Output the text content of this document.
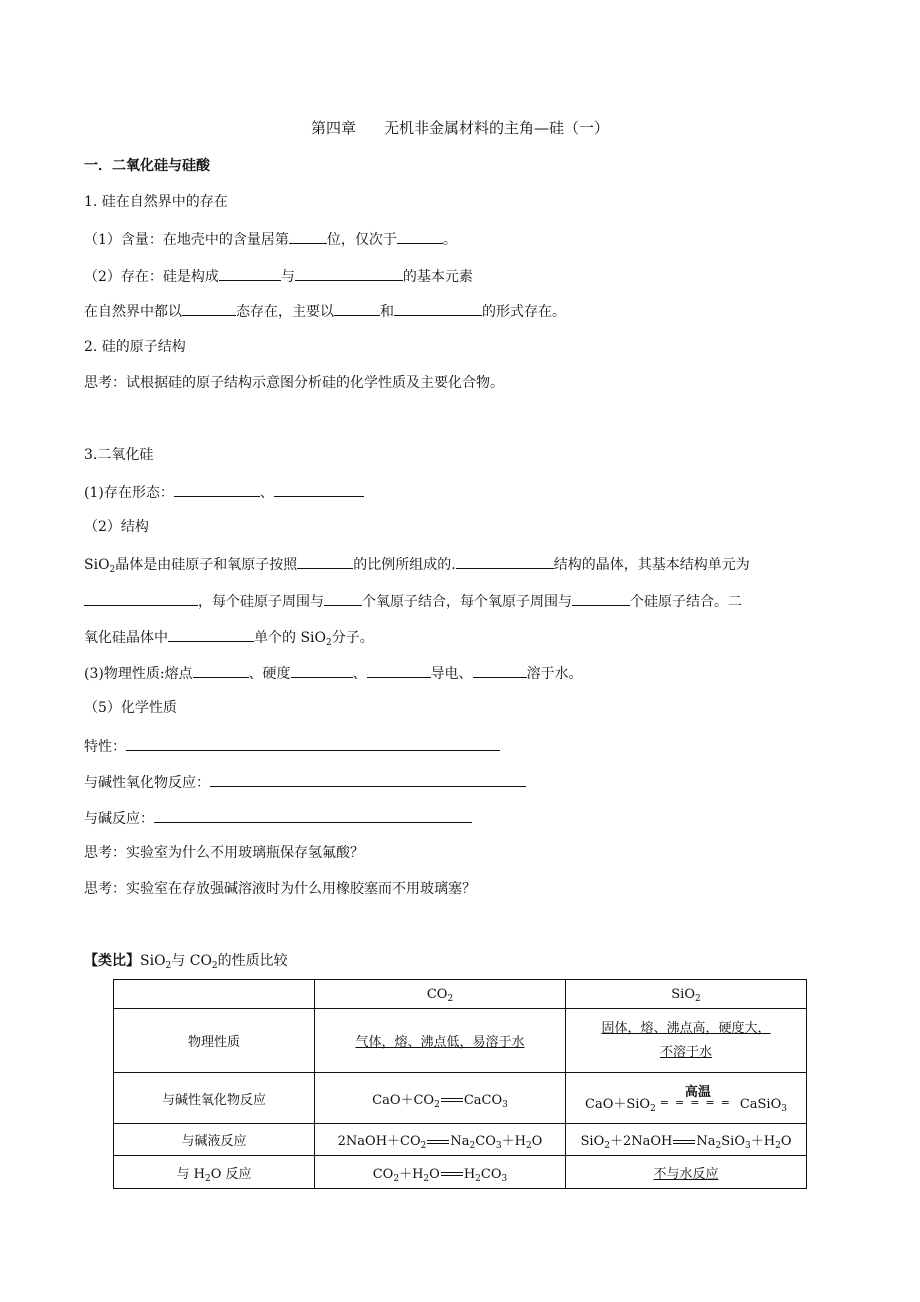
第四章 无机非金属材料的主角—硅（一）
一．二氧化硅与硅酸
1. 硅在自然界中的存在
（1）含量：在地壳中的含量居第	位，仅次于	。
（2）存在：硅是构成	与	的基本元素
在自然界中都以	态存在，主要以	和	的形式存在。
2. 硅的原子结构
思考：试根据硅的原子结构示意图分析硅的化学性质及主要化合物。
3.二氧化硅
(1)存在形态：	、
（2）结构
SiO$_2$晶体是由硅原子和氧原子按照	的比例所组成的.	结构的晶体，其基本结构单元为
，每个硅原子周围与	个氧原子结合，每个氧原子周围与	个硅原子结合。二
氧化硅晶体中	单个的 SiO$_2$分子。
(3)物理性质:熔点	、硬度	、	导电、	溶于水。
（5）化学性质
特性：
与碱性氧化物反应：
与碱反应：
思考：实验室为什么不用玻璃瓶保存氢氟酸？
思考：实验室在存放强碱溶液时为什么用橡胶塞而不用玻璃塞？
【类比】SiO$_2$与 $CO_2$的性质比较
	$CO_2$	SiO$_2$
物理性质	气体，熔、沸点低，易溶于水	固体，熔、沸点高，硬度大，
不溶于水
与碱性氧化物反应	$CaO+CO_2$ CaCO$_3$	CaO＋SiO$_2$
高温
===== CaSiO$_3$
与碱液反应	$2NaOH+CO_2$ $Na_2CO_3+H_2O$	SiO$_2$＋2NaOH $Na_2SiO_3+H_2O$
与 $H_2O$ 反应	$CO_2+H_2O$ $H_2CO_3$	不与水反应
